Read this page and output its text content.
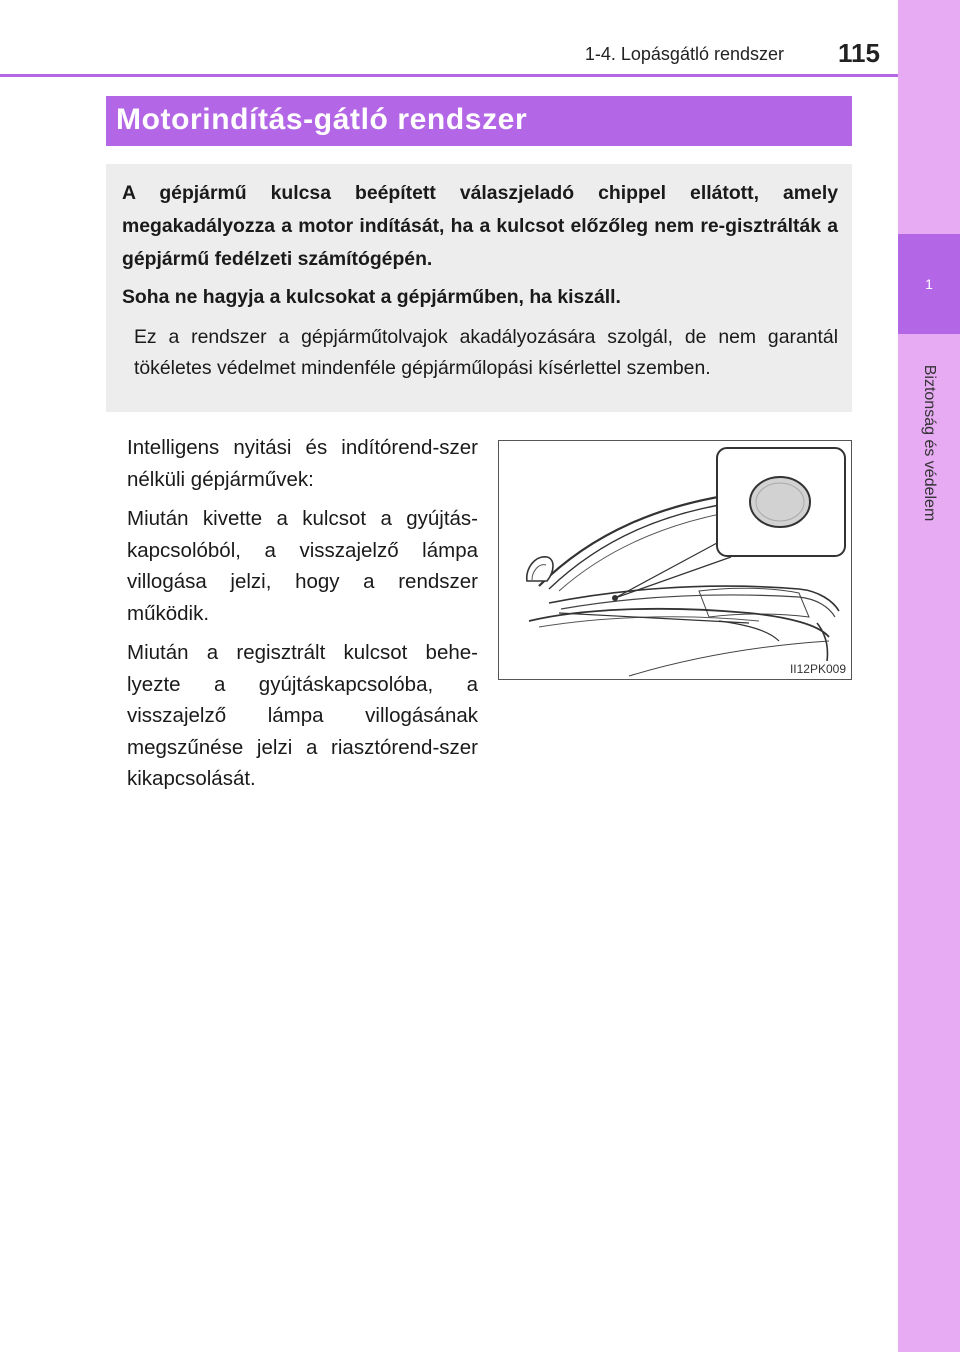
1
Biztonság és védelem
1-4. Lopásgátló rendszer 115
Motorindítás-gátló rendszer

A gépjármű kulcsa beépített válaszjeladó chippel ellátott, amely megakadályozza a motor indítását, ha a kulcsot előzőleg nem re-gisztrálták a gépjármű fedélzeti számítógépén.

Soha ne hagyja a kulcsokat a gépjárműben, ha kiszáll.

Ez a rendszer a gépjárműtolvajok akadályozására szolgál, de nem garantál tökéletes védelmet mindenféle gépjárműlopási kísérlettel szemben.

Intelligens nyitási és indítórend-szer nélküli gépjárművek:

Miután kivette a kulcsot a gyújtás-kapcsolóból, a visszajelző lámpa villogása jelzi, hogy a rendszer működik.

Miután a regisztrált kulcsot behe-lyezte a gyújtáskapcsolóba, a visszajelző lámpa villogásának megszűnése jelzi a riasztórend-szer kikapcsolását.

II12PK009
